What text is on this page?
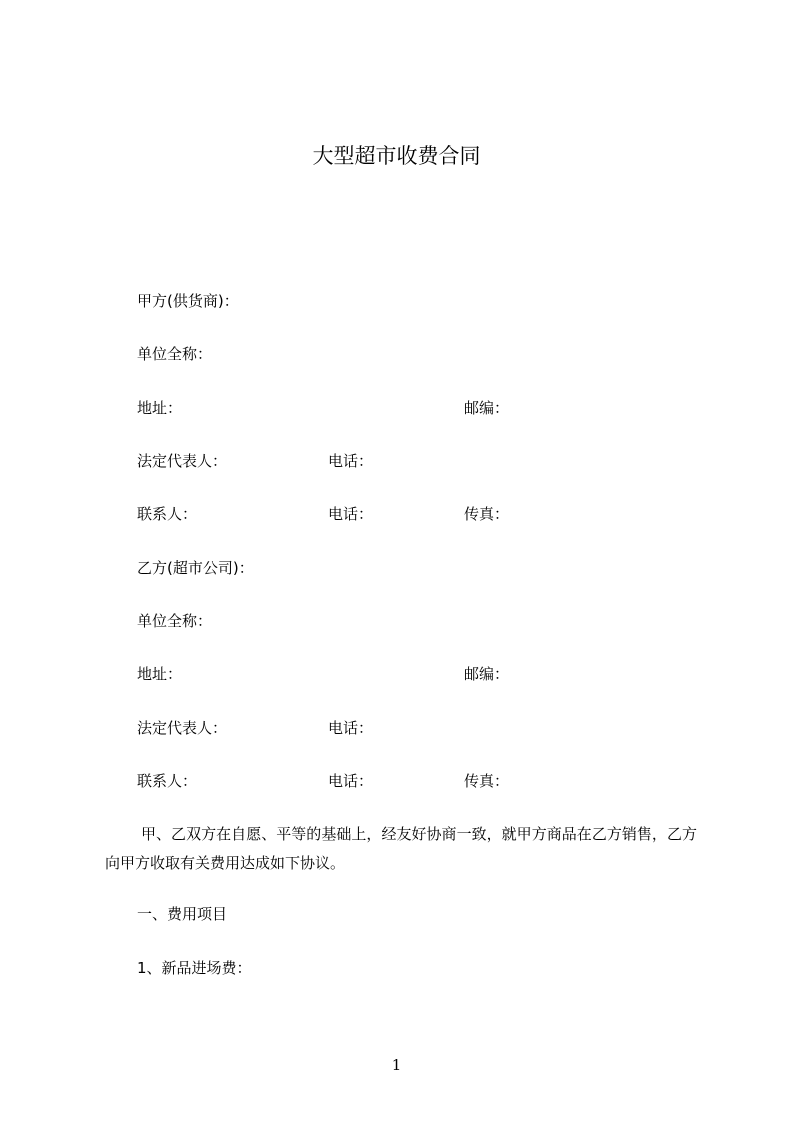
大型超市收费合同
甲方(供货商)：
单位全称：
地址：	邮编：
法定代表人：	电话：
联系人：	电话：	传真：
乙方(超市公司)：
单位全称：
地址：	邮编：
法定代表人：	电话：
联系人：	电话：	传真：

甲、乙双方在自愿、平等的基础上，经友好协商一致，就甲方商品在乙方销售，乙方向甲方收取有关费用达成如下协议。

一、费用项目
1、新品进场费：
1
